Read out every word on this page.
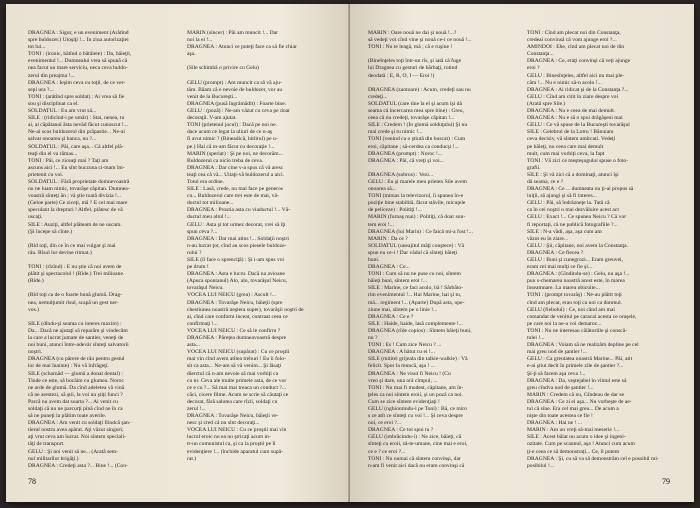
DRAGNEA : Sigur, e un eveniment (Arătînd
spre buldozer.) Utoşiţi !... În ziua autorizaţiei
tot lui...
TONI : (ironic, bătînd o bătăiete) : Da, băieţii,
evenimentul !... Dumnealui vrea să spună că
nea facut un mare serviciu, neca ceva buldo-
zerul din preajma !...
DRAGNEA : Ieşim ceva cu toţii, de ce ver-
sepi ura ?...
TONI : (arătînd spre soldat) : Ai vrea să fie
sou şi disciplinat ca el.
SOLDATUL : Eu am vrut să...
SILE : (ridicînd-i pe umăr) : Stai, nenea, tu
ai, ai căpătanul ăsta nevăd făcut cunoscut !...
Ne-ai scos buldozerul din prăpastie... Ne-ai
salvat onoarea şi banca, nu ?...
SOLDATUL : Păi, care aşa... Că altfel plă-
teaţi din el va rămas...
TONI : Păi, ce ziceaţi mai ? Taţi am
ascuns aici !... Eu sînt buczuna ci-mam îm-
prietenit cu voi.
SOLDATUL : Fără proprietate domnevoastră
nu ne luam nimic, tovarăşe căpitan. Dumnea-
voastră sînteţi ăn ; vă ştie toată divizia !...
(Geloe parte) Ce ziceţi, mă ? E cel mai mare
speculant la drepturi ! Altfel, plătesc de vă
uscaţi.
SILE : Auziţi, altfel plăteam de ne uscam.
(Şi începe să cînte.)

(Rîd toţi, din ce în ce mai vulgar şi mai
rău. Rîsul lor devine ritmat.)

TONI : (rîzînd) : E nu ştie că noi avem de
plătit şi spectacolul ! (Rîde.) Trei milioane.
(Rîde.)

(Rîd toţi ca de o foarte bună glumă. Drag-
nea, nemulţumit rîsul, scapă un gest ner-
vos.)

SILE (dîndu-şi seama cu interes maxim) :
Da... Dacă ne ajutaţi să reparăm şi vindecăm
la care a lucrat jumate de santier, veneţi de
noi buni, atunci între-adevăr sînteţi salvatorii
noştri.
DRAGNEA (cu părere de rău pentru gestul
lor de mai înainte) : Nu vă înfrăgeţi.
SILE (scharnăd — glumă a donat dental) :
Tinde ce este, să bocăim cu glumea. Noroc
ne arde de glumă. Da cînd adeletea vă vină
că ne arestezi, să ştii, la voi nu ştiţi funci ?
Parcă nu avem dat soarta ?... Ai venit cu
soldaţi că nu ne parcurţi pînă cînd ne în ca
să ne puneţi la plătim toate averile.
DRAGNEA : Am venit cu soldaţi fiindcă şan-
tierul nostru avea apărat. Aţi văzut singuri;
aţi vrut ceva am lucrat. Noi sîntem speciali-
tăţi de transport.
GELU : Şi noi venit să ne... (Arată sem-
nul militarilor brigăţi.)
DRAGNEA : Credeţi asta ?... Bine !... (Con-

MARIN (sincer) : Păi am muncit !... Dar
noi la ei !...
DRAGNEA : Atunci ce puteţi face ca să fie chiar
aşa.

(Sile schimbă o privire cu Gelu)

GELU (prompt) : Am muncit ca să vă aju-
tăm. Băam că e nevoie de buldozer, vor au
venit de la Bucureşti...
DRAGNEA (pusă îngrămădit) : Foarte bine.
GELU : (poză) : Ne-am văzut cu ceva pe doar
decoraţii. V-am ajutat.
TONI (prietenul jocul) : Dacă pe noi ne.
dace acum ce legat la uliuri de ce n-aş
fi avut nimic ? (Bineadică, hitlirul) pe u-
pe.) Hai că m-am făcut cu decoraţie !...
MARIN (speriat) : Şi pe noi, ne decorăm...
Buldozerul ca nicio treba de ceva.
DRAGNEA : Dar cine v-a spus că vă aresc
teaţi cea că vă... Uitaţi-vă buldozerul a aici.
Totul era ordine.
SILE : Lasă, crede, nu mai face pe generos
cu... Buldozerul care trei este de mai, vă-
doctul tot milioane...
DRAGNEA : Prostia asta cu viaductul !... Vă-
ductul meu altul !...
GELU : Asta şi tot urmez decorat, vrei să îţi
spun ceva ?...
DRAGNEA : Dar mai atins !... Soldaţii noştri
n-au lucrat ţot, cînd au scos piesele buldoze-
rului ?
SILE (îi face o sprenciţă) : Şi i-am spus voi
pe drum !
DRAGNEA : Asta e lucru. Dacă na avioane
(Apuca spontanul) Alo, alo, tovarăşul Neicu,
tovarăşul Neicu.
VOCEA LUI NEICU (grea) : Ascult !...
DRAGNEA : Tovarăşe Neicu, băieţii (spre
chestiunea noastră neştera super), tovarăşii noştri de
ai, cînd care conform inceat, contraat ceea ce
confirmaţi !...
VOCEA LUI NEICU : Ce să le confirm ?
DRAGNEA : Păreţea dumneavoastră despre
asta...
VOCEA LUI NEICU (supărat) : Cu ce proştii
mai vin cînd avem atîtea treburi ! Eu îi folo-
sit ca asta... Ne-am să vă venim... Şi lăsaţi
dierctul că n-am nevoie să mai vorbiţi ca
cu nr. Ceva ale multe primele asta, de ce vor
ce e cu ?... Să mai mai treaca un conduct ?...
căci, cicere filme. Acum se scrie să căutaţi ce
decorat, fără salutea care rîzii, soldaţi cu
zerul !...
DRAGNEA : Tovarăşe Neicu, băieţii ve-
nesc şi cred că nu sînt decoraţi...
VOCEA LUI NEICU : Cu ce proştii mai vin
lucrul eroic nu ea nu ştricaţi acum in-
tr-un comunistul ca, şi ca la proştii pe îl
evidenţiere !... (închide aparatul cum supă-
rat.)

78
MARIN : Oare nouă ne dai şi nouă !...?
să vedeţi voi cînd vine şi nouă ce-i ce nouă !...
TONI : Nu te leagă, mă ; că e ruşine !

(Bineînţeles toţi într-un rîs, şi iată că fuge
lui Dragnea cu gesturi de bărbaţi, rotind
deodată : E, R, O, I — Eroi !)

DRAGNEA (zaotoare) : Acum, credeţi sau nu
credeţi...
SOLDATUL (care tine la el şi acum îşi dă
seama că încercarea mea spre bine) : Greu,
ceea că nu credeţi, tovarăşe căpitan !...
SILE : Credem ! (În glumă solduţului) Şi nu
mai crede şi tu nimic !...
TONI (venind ca o ştiută din buscat) : Cum
eroi, căpitane ; să-cerdea ca conducşi !...
DRAGNEA (prompt) : Noroc !...
DRAGNEA : Păi, că vreţi şi voi...

DRAGNEA (sobrus) : Vezi...
GELU : Eu şi marele meu prieten Sile avem
onoarea să...
TONI (mimas la televizorul, îi spunea în-e
poziţie bine stabilită, făcut stăvile, micuţele
de peliceze) : Politiţi !...
MARIN (furnaş mai) : Politiţi, că doar sun-
tem eroi !...
DRAGNEA (lui Marin) : Ce faică mi-a fost !...
MARIN : Da ce ?
SOLDATUL (uneajitul mâţi conştece) : Vă
spun eu ce-i ! Dar vădul că sînteţi băieţi
buni.
DRAGNEA : Ce...
TONI : Cum să nu ne puse cu noi, sîntem
băieţi buni, sîntem eroi !...
SILE : Marine, ce faci acolo, bă ! Sărbăto-
rim evenimentul !... Hai Marine, hai şi tu,
mă... regiment !... (Aparte) După asta, ope-
ziune mai, sîntem pe o linie !...
DRAGNEA : Ce e ?
SILE : Haide, haide, lasă complemente !...
DRAGNEA (rîde copios) : Sîntem băieţi buni,
nu ?
TONI : Es ! Cum zice Neicu ? ...
DRAGNEA : A bătut cu ei !...
SILE (mititel grijeala din talkie-walkie) : Vă
felicit. Spor la muncă, aşa ! ...
DRAGNEA : Ne visul fi Neicu ! (Cu
vreo şi dare, una oră cîmpul, ...
TONI : Nu mai fi modest, căpitane, am în-
ţeles ca noi sîntem eroii, şi un poză ca noi.
Cum se zice sîntem evidenţiaţi !
GELU (nghiontindu-l pe Toni) : Bă, ce miro
s ce atît ce sînteţi cu voi !... Şi ceva despre
noi, ce eroi ?...
DRAGNEA : Ce tot spui tu ?
GELU (imbrăcindu-i) : Ne zice, băieţi, că
sînteţi cu eroii, să-te-umane, cine mai e eroi,
ce e ? ce eroi ?...
TONI : Nu numai că sîntem convinşi, dar
n-am fi venit aici dacă nu eram convinşi că
TONI : Cînd am plecat noi din Constanţa,
credeai convinsă că vom ajunge eroi ?...
AMINDOI : Ehe, cînd am plecat noi de din
Constanţa...
DRAGNEA : Ce, eraţi convinşi că veţi ajunge
eroi ?
GELU : Binesînţeles, altfel aici nu mai ple-
căm !... Nu e nimic să-n acolo !...
DRAGNEA : Ai ridicat şi de la Constanţa ?...
GELU : Cînd am citit în ziare despre voi
(Arată spre Sile.)
DRAGNEA : Nu e ceea de mai demult.
DRAGNEA : Nu e să o spui drăgăşeni mai
GELU : Ce vă spuse de la Bucureşti tovarăşul
SILE : Gelebrul de la Lotru ! Bănuiam
ceva decisiv, vă sîntem amîrcati. Vedeţi
pe băieţi, nu ceea care mai demult
mult, cum mai vorbiţi ceva, la fapt
TONI : Vă zici ce meşteşugului spuse o foto-
grafii.
SILE : Şi vă zici că a dominaţi, atunci îşi
dă seama, ce e ?
DRAGNEA : Ce ... dumneata nu ţi-ai propus să
iniţii, să ajungi şi să fi interes...
GELU : Păi, să îndrăzneţe la. Tată că
ca în cei noştri o mai dezvăluire acest act
GELU : Exact !... Ce spunea Neicu ? Că vor
fi reportaţi, că ne publică fotografiile ?...
SILE : N-a vădi, aşa, aşa cum am
văzut eu în ziare...
GELU : Şii, căpitane, noi avem la Constanţa.
DRAGNEA : Ce fiecea ?
GELU : Buni şi cunegrozi... Eram greuvei,
eram cei mai mulţi ce fie şi...
DRAGNEA : (Gîndindu-se) : Gelu, nu aşa !...
pun s-chemarea noastră acest este, în marea
înseamnare. La marea obicuite...
TONI : (prompt tovarăş) : Ne-au plătit toţi
cînd am plecat, erau toţi ca noi ca donmul.
GELU (fiebolul) : Ce, noi când am mai
comandat de venitul pe caracal acesta ce oraşele,
pe care noi la ne-a voi demaroc...
TONI : Nu ne interesau călătoriile şi conscă-
tulei !...
DRAGNEA : Voiam să ne realizăm depline pe cel
mai greu nod de şantier !...
GELU : Ca greutatea noastră Marine... Păi, atit
e-ai ştiut decît în primele zile de şantier ?...
Şi-ţi să facem aşa ceva !...
DRAGNEA : Da, veştejabel în vîntul este să
greu cîndva nod de şantier !...
MARIN : Credem că nu, Gîndeau de dar se
DRAGNEA : Ce zi ei aşa... Nu vorbeşte de ae-
tul că sîne. Era cel mai greu... De acum a
nişte din toate acestea ce fie !
DRAGNEA : Hai ne ! ...
MARIN : Am un vreţi să-mai meserie !...
SILE : Acest băiat nu acum o idee şi ingeni-
ozitate. Cum pe scaunul, aşa ! Atunci cum acum
ţi-e ceea ce să demonstraţi... Ce, îl putem
DRAGNEA : Şi, cu să va să demonstrăm cel e possibil mi-
posibilul !...
79
